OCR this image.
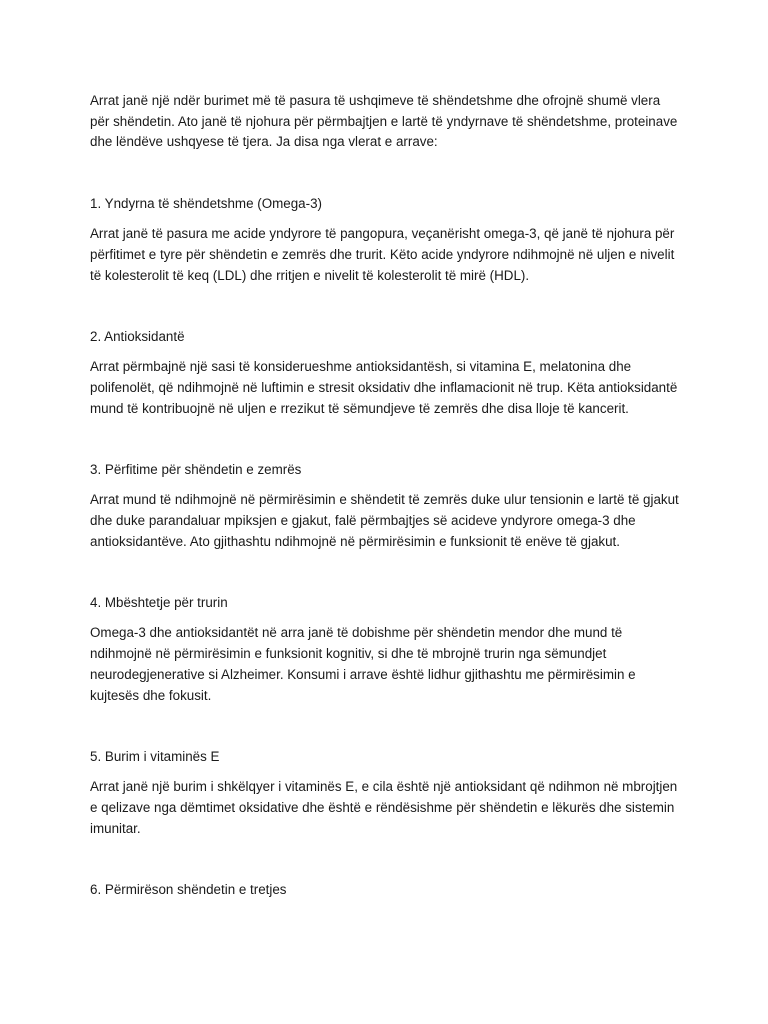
Arrat janë një ndër burimet më të pasura të ushqimeve të shëndetshme dhe ofrojnë shumë vlera për shëndetin. Ato janë të njohura për përmbajtjen e lartë të yndyrnave të shëndetshme, proteinave dhe lëndëve ushqyese të tjera. Ja disa nga vlerat e arrave:

1. Yndyrna të shëndetshme (Omega-3)

Arrat janë të pasura me acide yndyrore të pangopura, veçanërisht omega-3, që janë të njohura për përfitimet e tyre për shëndetin e zemrës dhe trurit. Këto acide yndyrore ndihmojnë në uljen e nivelit të kolesterolit të keq (LDL) dhe rritjen e nivelit të kolesterolit të mirë (HDL).

2. Antioksidantë

Arrat përmbajnë një sasi të konsiderueshme antioksidantësh, si vitamina E, melatonina dhe polifenolët, që ndihmojnë në luftimin e stresit oksidativ dhe inflamacionit në trup. Këta antioksidantë mund të kontribuojnë në uljen e rrezikut të sëmundjeve të zemrës dhe disa lloje të kancerit.

3. Përfitime për shëndetin e zemrës

Arrat mund të ndihmojnë në përmirësimin e shëndetit të zemrës duke ulur tensionin e lartë të gjakut dhe duke parandaluar mpiksjen e gjakut, falë përmbajtjes së acideve yndyrore omega-3 dhe antioksidantëve. Ato gjithashtu ndihmojnë në përmirësimin e funksionit të enëve të gjakut.

4. Mbështetje për trurin

Omega-3 dhe antioksidantët në arra janë të dobishme për shëndetin mendor dhe mund të ndihmojnë në përmirësimin e funksionit kognitiv, si dhe të mbrojnë trurin nga sëmundjet neurodegjenerative si Alzheimer. Konsumi i arrave është lidhur gjithashtu me përmirësimin e kujtesës dhe fokusit.

5. Burim i vitaminës E

Arrat janë një burim i shkëlqyer i vitaminës E, e cila është një antioksidant që ndihmon në mbrojtjen e qelizave nga dëmtimet oksidative dhe është e rëndësishme për shëndetin e lëkurës dhe sistemin imunitar.

6. Përmirëson shëndetin e tretjes
